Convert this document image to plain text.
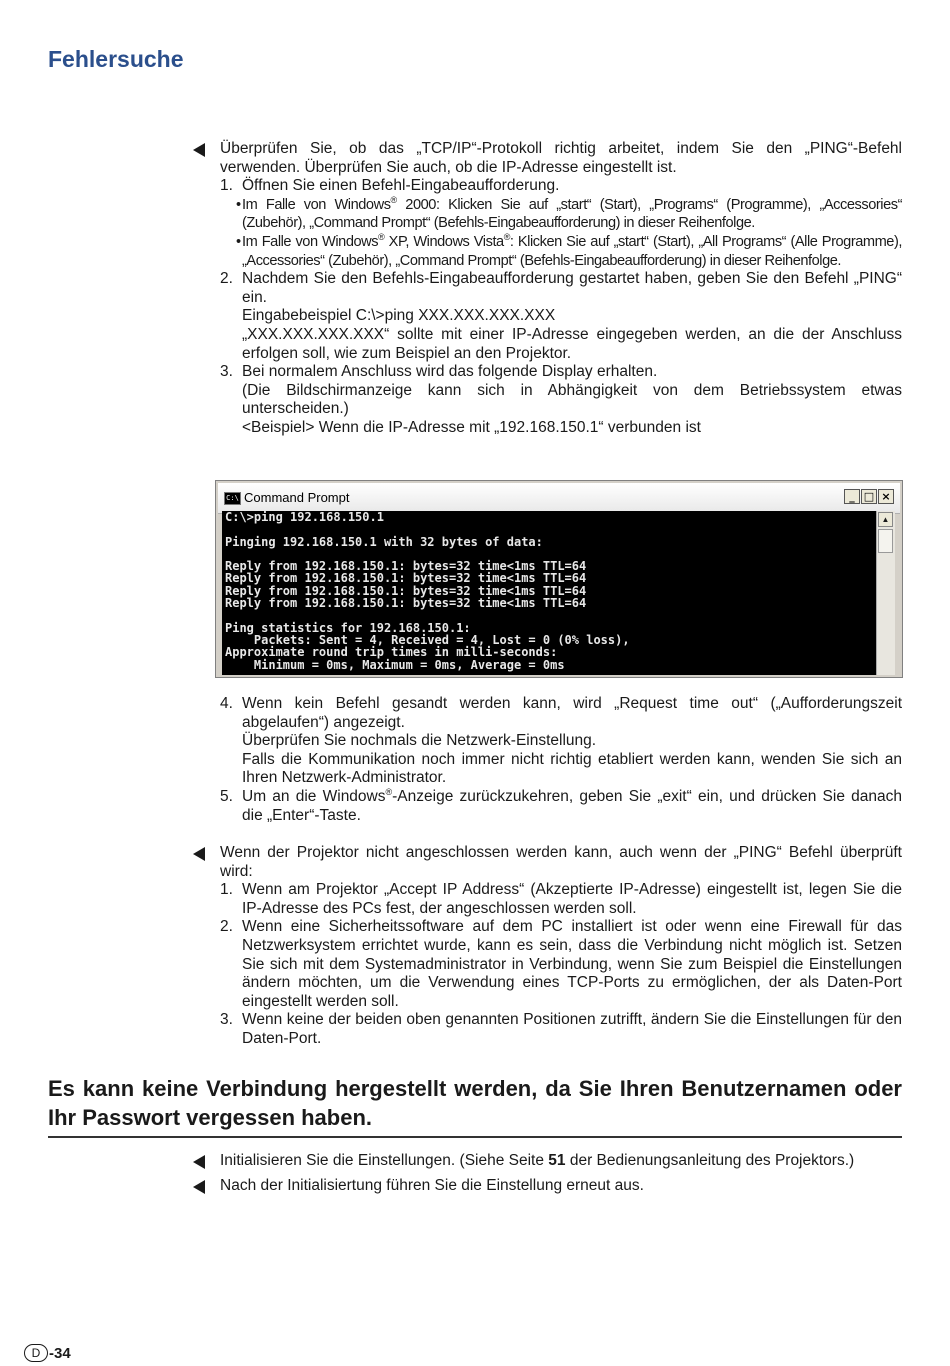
Fehlersuche
Überprüfen Sie, ob das „TCP/IP“-Protokoll richtig arbeitet, indem Sie den „PING“-Befehl verwenden. Überprüfen Sie auch, ob die IP-Adresse eingestellt ist.
1. Öffnen Sie einen Befehl-Eingabeaufforderung.
•Im Falle von Windows® 2000: Klicken Sie auf „start“ (Start), „Programs“ (Programme), „Accessories“ (Zubehör), „Command Prompt“ (Befehls-Eingabeaufforderung) in dieser Reihenfolge.
•Im Falle von Windows® XP, Windows Vista®: Klicken Sie auf „start“ (Start), „All Programs“ (Alle Programme), „Accessories“ (Zubehör), „Command Prompt“ (Befehls-Eingabeaufforderung) in dieser Reihenfolge.
2. Nachdem Sie den Befehls-Eingabeaufforderung gestartet haben, geben Sie den Befehl „PING“ ein.
Eingabebeispiel C:\>ping XXX.XXX.XXX.XXX
„XXX.XXX.XXX.XXX“ sollte mit einer IP-Adresse eingegeben werden, an die der Anschluss erfolgen soll, wie zum Beispiel an den Projektor.
3. Bei normalem Anschluss wird das folgende Display erhalten.
(Die Bildschirmanzeige kann sich in Abhängigkeit von dem Betriebssystem etwas unterscheiden.)
<Beispiel> Wenn die IP-Adresse mit „192.168.150.1“ verbunden ist
C:\ Command Prompt	_ □ ×
C:\>ping 192.168.150.1

Pinging 192.168.150.1 with 32 bytes of data:

Reply from 192.168.150.1: bytes=32 time<1ms TTL=64
Reply from 192.168.150.1: bytes=32 time<1ms TTL=64
Reply from 192.168.150.1: bytes=32 time<1ms TTL=64
Reply from 192.168.150.1: bytes=32 time<1ms TTL=64

Ping statistics for 192.168.150.1:
Packets: Sent = 4, Received = 4, Lost = 0 (0% loss),
Approximate round trip times in milli-seconds:
Minimum = 0ms, Maximum = 0ms, Average = 0ms
▲
4. Wenn kein Befehl gesandt werden kann, wird „Request time out“ („Aufforderungszeit abgelaufen“) angezeigt.
Überprüfen Sie nochmals die Netzwerk-Einstellung.
Falls die Kommunikation noch immer nicht richtig etabliert werden kann, wenden Sie sich an Ihren Netzwerk-Administrator.
5. Um an die Windows®-Anzeige zurückzukehren, geben Sie „exit“ ein, und drücken Sie danach die „Enter“-Taste.
Wenn der Projektor nicht angeschlossen werden kann, auch wenn der „PING“ Befehl überprüft wird:
1. Wenn am Projektor „Accept IP Address“ (Akzeptierte IP-Adresse) eingestellt ist, legen Sie die IP-Adresse des PCs fest, der angeschlossen werden soll.
2. Wenn eine Sicherheitssoftware auf dem PC installiert ist oder wenn eine Firewall für das Netzwerksystem errichtet wurde, kann es sein, dass die Verbindung nicht möglich ist. Setzen Sie sich mit dem Systemadministrator in Verbindung, wenn Sie zum Beispiel die Einstellungen ändern möchten, um die Verwendung eines TCP-Ports zu ermöglichen, der als Daten-Port eingestellt werden soll.
3. Wenn keine der beiden oben genannten Positionen zutrifft, ändern Sie die Einstellungen für den Daten-Port.
Es kann keine Verbindung hergestellt werden, da Sie Ihren Benutzernamen oder Ihr Passwort vergessen haben.
Initialisieren Sie die Einstellungen. (Siehe Seite 51 der Bedienungsanleitung des Projektors.)
Nach der Initialisiertung führen Sie die Einstellung erneut aus.
D -34
